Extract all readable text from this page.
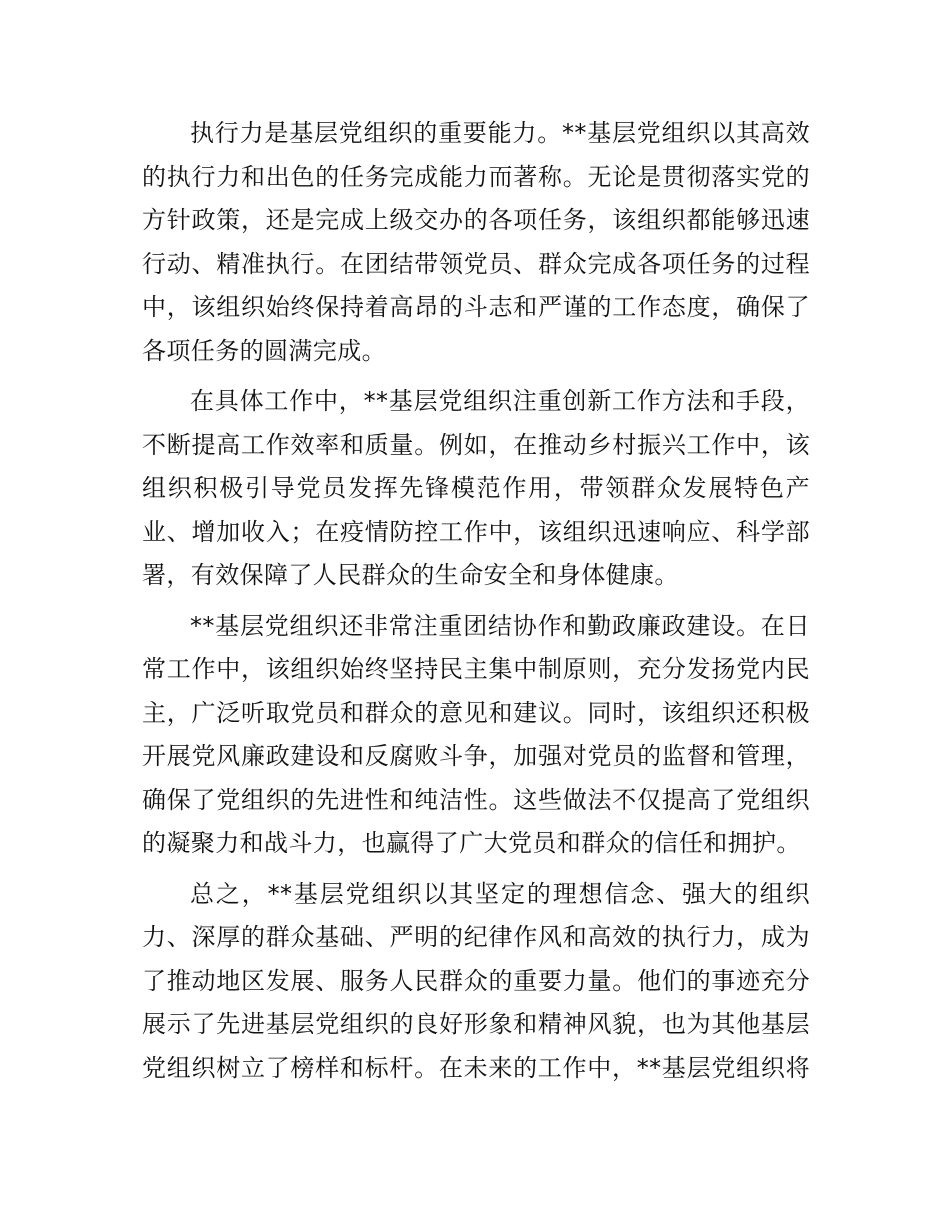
执行力是基层党组织的重要能力。**基层党组织以其高效
的执行力和出色的任务完成能力而著称。无论是贯彻落实党的
方针政策，还是完成上级交办的各项任务，该组织都能够迅速
行动、精准执行。在团结带领党员、群众完成各项任务的过程
中，该组织始终保持着高昂的斗志和严谨的工作态度，确保了
各项任务的圆满完成。

在具体工作中，**基层党组织注重创新工作方法和手段，
不断提高工作效率和质量。例如，在推动乡村振兴工作中，该
组织积极引导党员发挥先锋模范作用，带领群众发展特色产
业、增加收入；在疫情防控工作中，该组织迅速响应、科学部
署，有效保障了人民群众的生命安全和身体健康。

**基层党组织还非常注重团结协作和勤政廉政建设。在日
常工作中，该组织始终坚持民主集中制原则，充分发扬党内民
主，广泛听取党员和群众的意见和建议。同时，该组织还积极
开展党风廉政建设和反腐败斗争，加强对党员的监督和管理，
确保了党组织的先进性和纯洁性。这些做法不仅提高了党组织
的凝聚力和战斗力，也赢得了广大党员和群众的信任和拥护。

总之，**基层党组织以其坚定的理想信念、强大的组织
力、深厚的群众基础、严明的纪律作风和高效的执行力，成为
了推动地区发展、服务人民群众的重要力量。他们的事迹充分
展示了先进基层党组织的良好形象和精神风貌，也为其他基层
党组织树立了榜样和标杆。在未来的工作中，**基层党组织将
